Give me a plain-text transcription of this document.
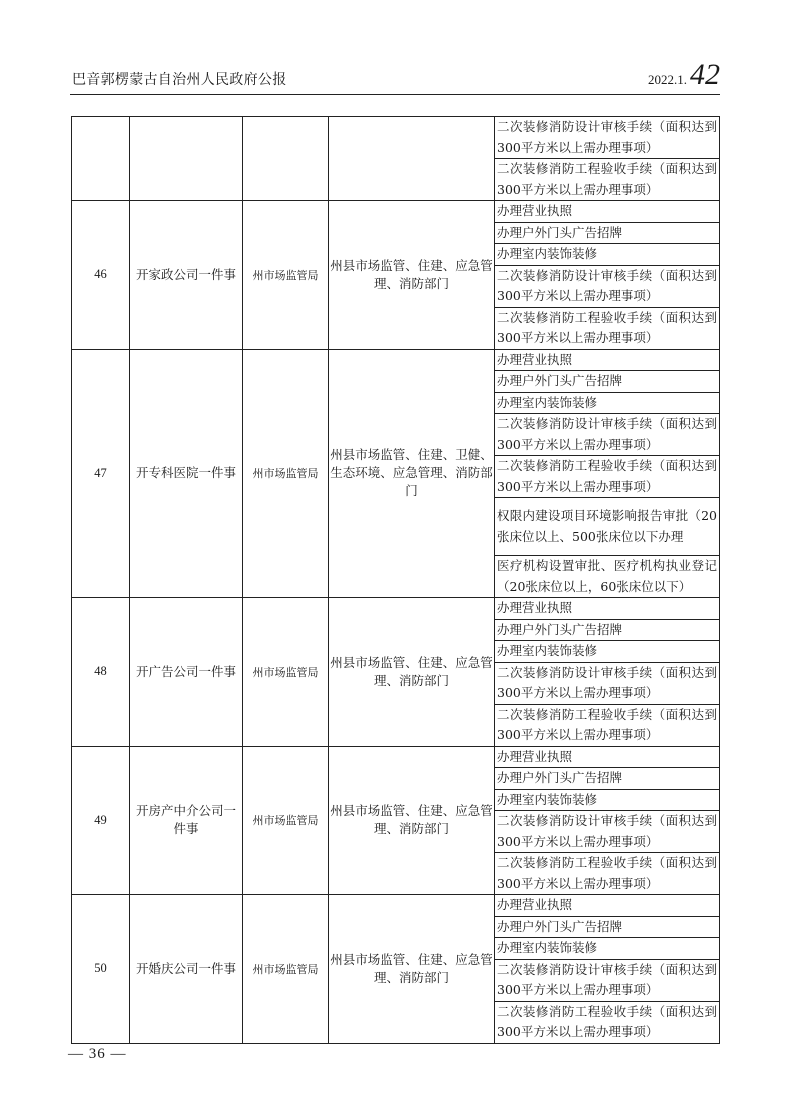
巴音郭楞蒙古自治州人民政府公报	2022.1. 42
				二次装修消防设计审核手续（面积达到300平方米以上需办理事项）
				二次装修消防工程验收手续（面积达到300平方米以上需办理事项）
46	开家政公司一件事	州市场监管局	州县市场监管、住建、应急管理、消防部门	办理营业执照
				办理户外门头广告招牌
				办理室内装饰装修
				二次装修消防设计审核手续（面积达到300平方米以上需办理事项）
				二次装修消防工程验收手续（面积达到300平方米以上需办理事项）
47	开专科医院一件事	州市场监管局	州县市场监管、住建、卫健、生态环境、应急管理、消防部门	办理营业执照
				办理户外门头广告招牌
				办理室内装饰装修
				二次装修消防设计审核手续（面积达到300平方米以上需办理事项）
				二次装修消防工程验收手续（面积达到300平方米以上需办理事项）
				权限内建设项目环境影响报告审批（20张床位以上、500张床位以下办理
				医疗机构设置审批、医疗机构执业登记（20张床位以上，60张床位以下）
48	开广告公司一件事	州市场监管局	州县市场监管、住建、应急管理、消防部门	办理营业执照
				办理户外门头广告招牌
				办理室内装饰装修
				二次装修消防设计审核手续（面积达到300平方米以上需办理事项）
				二次装修消防工程验收手续（面积达到300平方米以上需办理事项）
49	开房产中介公司一件事	州市场监管局	州县市场监管、住建、应急管理、消防部门	办理营业执照
				办理户外门头广告招牌
				办理室内装饰装修
				二次装修消防设计审核手续（面积达到300平方米以上需办理事项）
				二次装修消防工程验收手续（面积达到300平方米以上需办理事项）
50	开婚庆公司一件事	州市场监管局	州县市场监管、住建、应急管理、消防部门	办理营业执照
				办理户外门头广告招牌
				办理室内装饰装修
				二次装修消防设计审核手续（面积达到300平方米以上需办理事项）
				二次装修消防工程验收手续（面积达到300平方米以上需办理事项）
— 36 —
